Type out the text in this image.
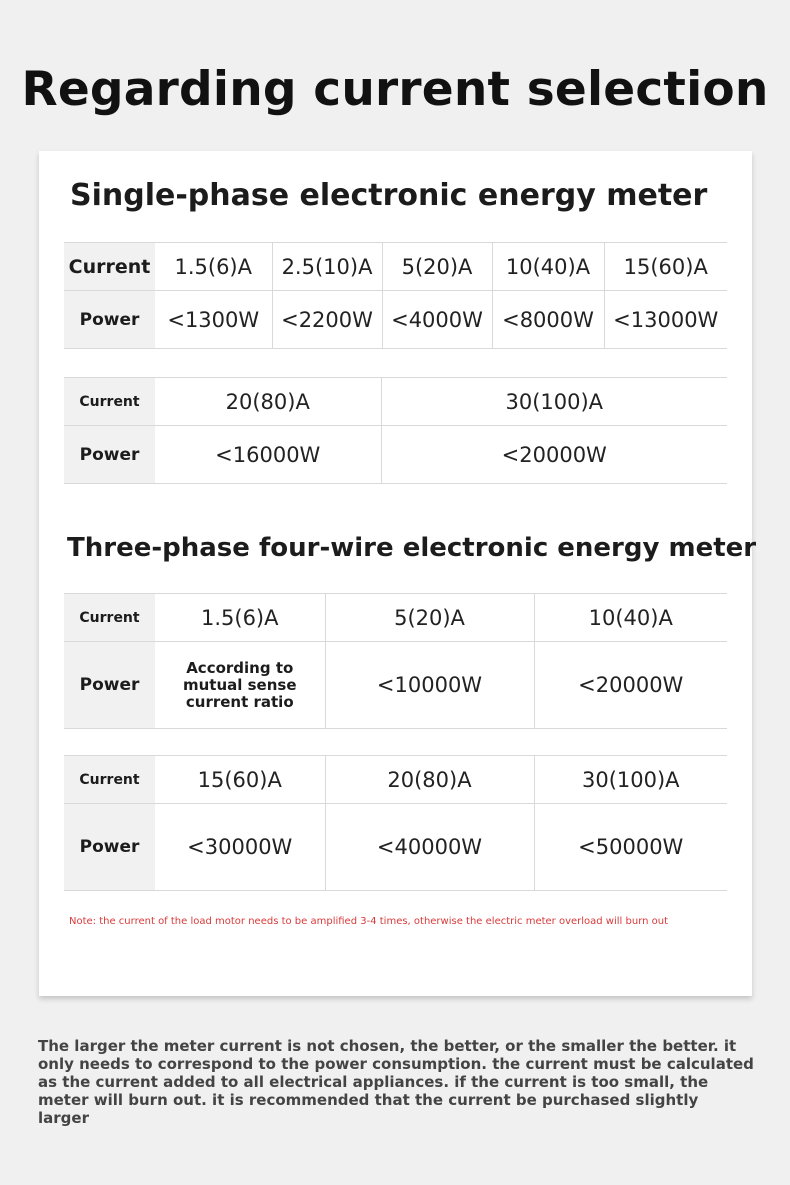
Regarding current selection
Single-phase electronic energy meter
Current	1.5(6)A	2.5(10)A	5(20)A	10(40)A	15(60)A
Power	<1300W	<2200W	<4000W	<8000W	<13000W
Current	20(80)A	30(100)A
Power	<16000W	<20000W
Three-phase four-wire electronic energy meter
Current	1.5(6)A	5(20)A	10(40)A
Power	According to mutual sense current ratio	<10000W	<20000W
Current	15(60)A	20(80)A	30(100)A
Power	<30000W	<40000W	<50000W
Note: the current of the load motor needs to be amplified 3-4 times, otherwise the electric meter overload will burn out
The larger the meter current is not chosen, the better, or the smaller the better. it only needs to correspond to the power consumption. the current must be calculated as the current added to all electrical appliances. if the current is too small, the meter will burn out. it is recommended that the current be purchased slightly larger
